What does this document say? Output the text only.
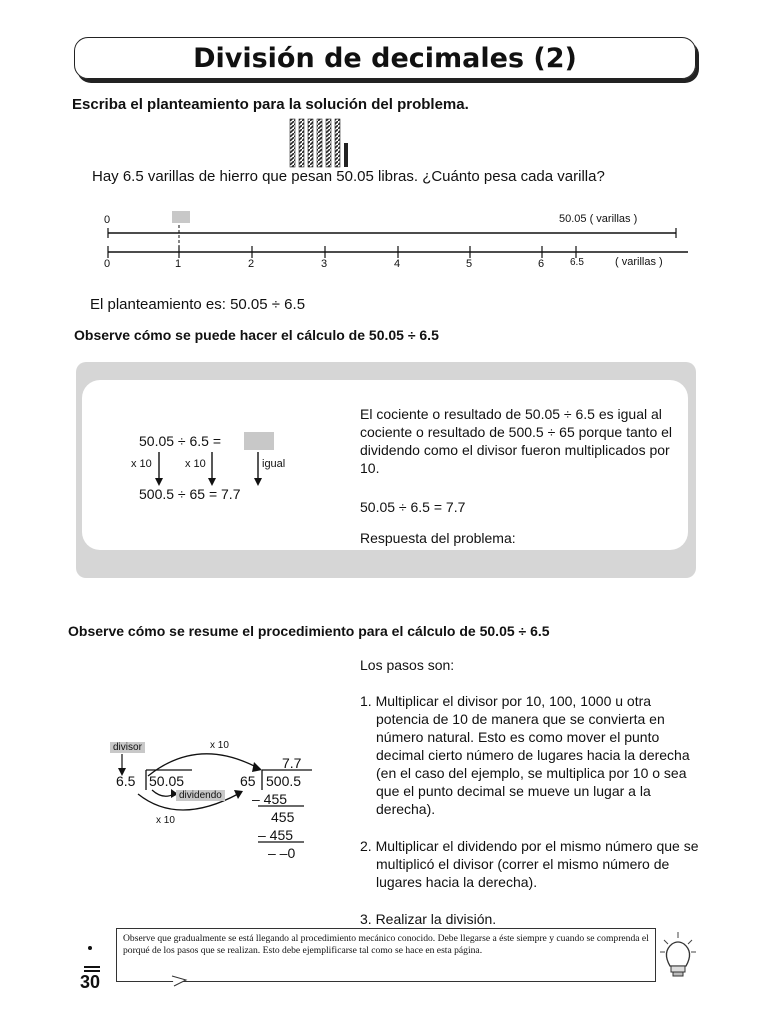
División de decimales (2)
Escriba el planteamiento para la solución del problema.
Hay 6.5 varillas de hierro que pesan 50.05 libras. ¿Cuánto pesa cada varilla?
0	50.05 ( varillas )
0	1	2	3	4	5	6	6.5	( varillas )
El planteamiento es: 50.05 ÷ 6.5
Observe cómo se puede hacer el cálculo de 50.05 ÷ 6.5
50.05 ÷ 6.5 =
x 10	x 10	igual
500.5 ÷ 65 = 7.7
El cociente o resultado de 50.05 ÷ 6.5 es igual al cociente o resultado de 500.5 ÷ 65 porque tanto el dividendo como el divisor fueron multiplicados por 10.
50.05 ÷ 6.5 = 7.7
Respuesta del problema:
Observe cómo se resume el procedimiento para el cálculo de 50.05 ÷ 6.5
divisor	x 10
6.5 50.05
dividendo
x 10
7.7
65 500.5
– 455
455
– 455
– –0
Los pasos son:

1. Multiplicar el divisor por 10, 100, 1000 u otra potencia de 10 de manera que se convierta en número natural. Esto es como mover el punto decimal cierto número de lugares hacia la derecha (en el caso del ejemplo, se multiplica por 10 o sea que el punto decimal se mueve un lugar a la derecha).

2. Multiplicar el dividendo por el mismo número que se multiplicó el divisor (correr el mismo número de lugares hacia la derecha).

3. Realizar la división.

Observe que gradualmente se está llegando al procedimiento mecánico conocido. Debe llegarse a éste siempre y cuando se comprenda el porqué de los pasos que se realizan. Esto debe ejemplificarse tal como se hace en esta página.
30
